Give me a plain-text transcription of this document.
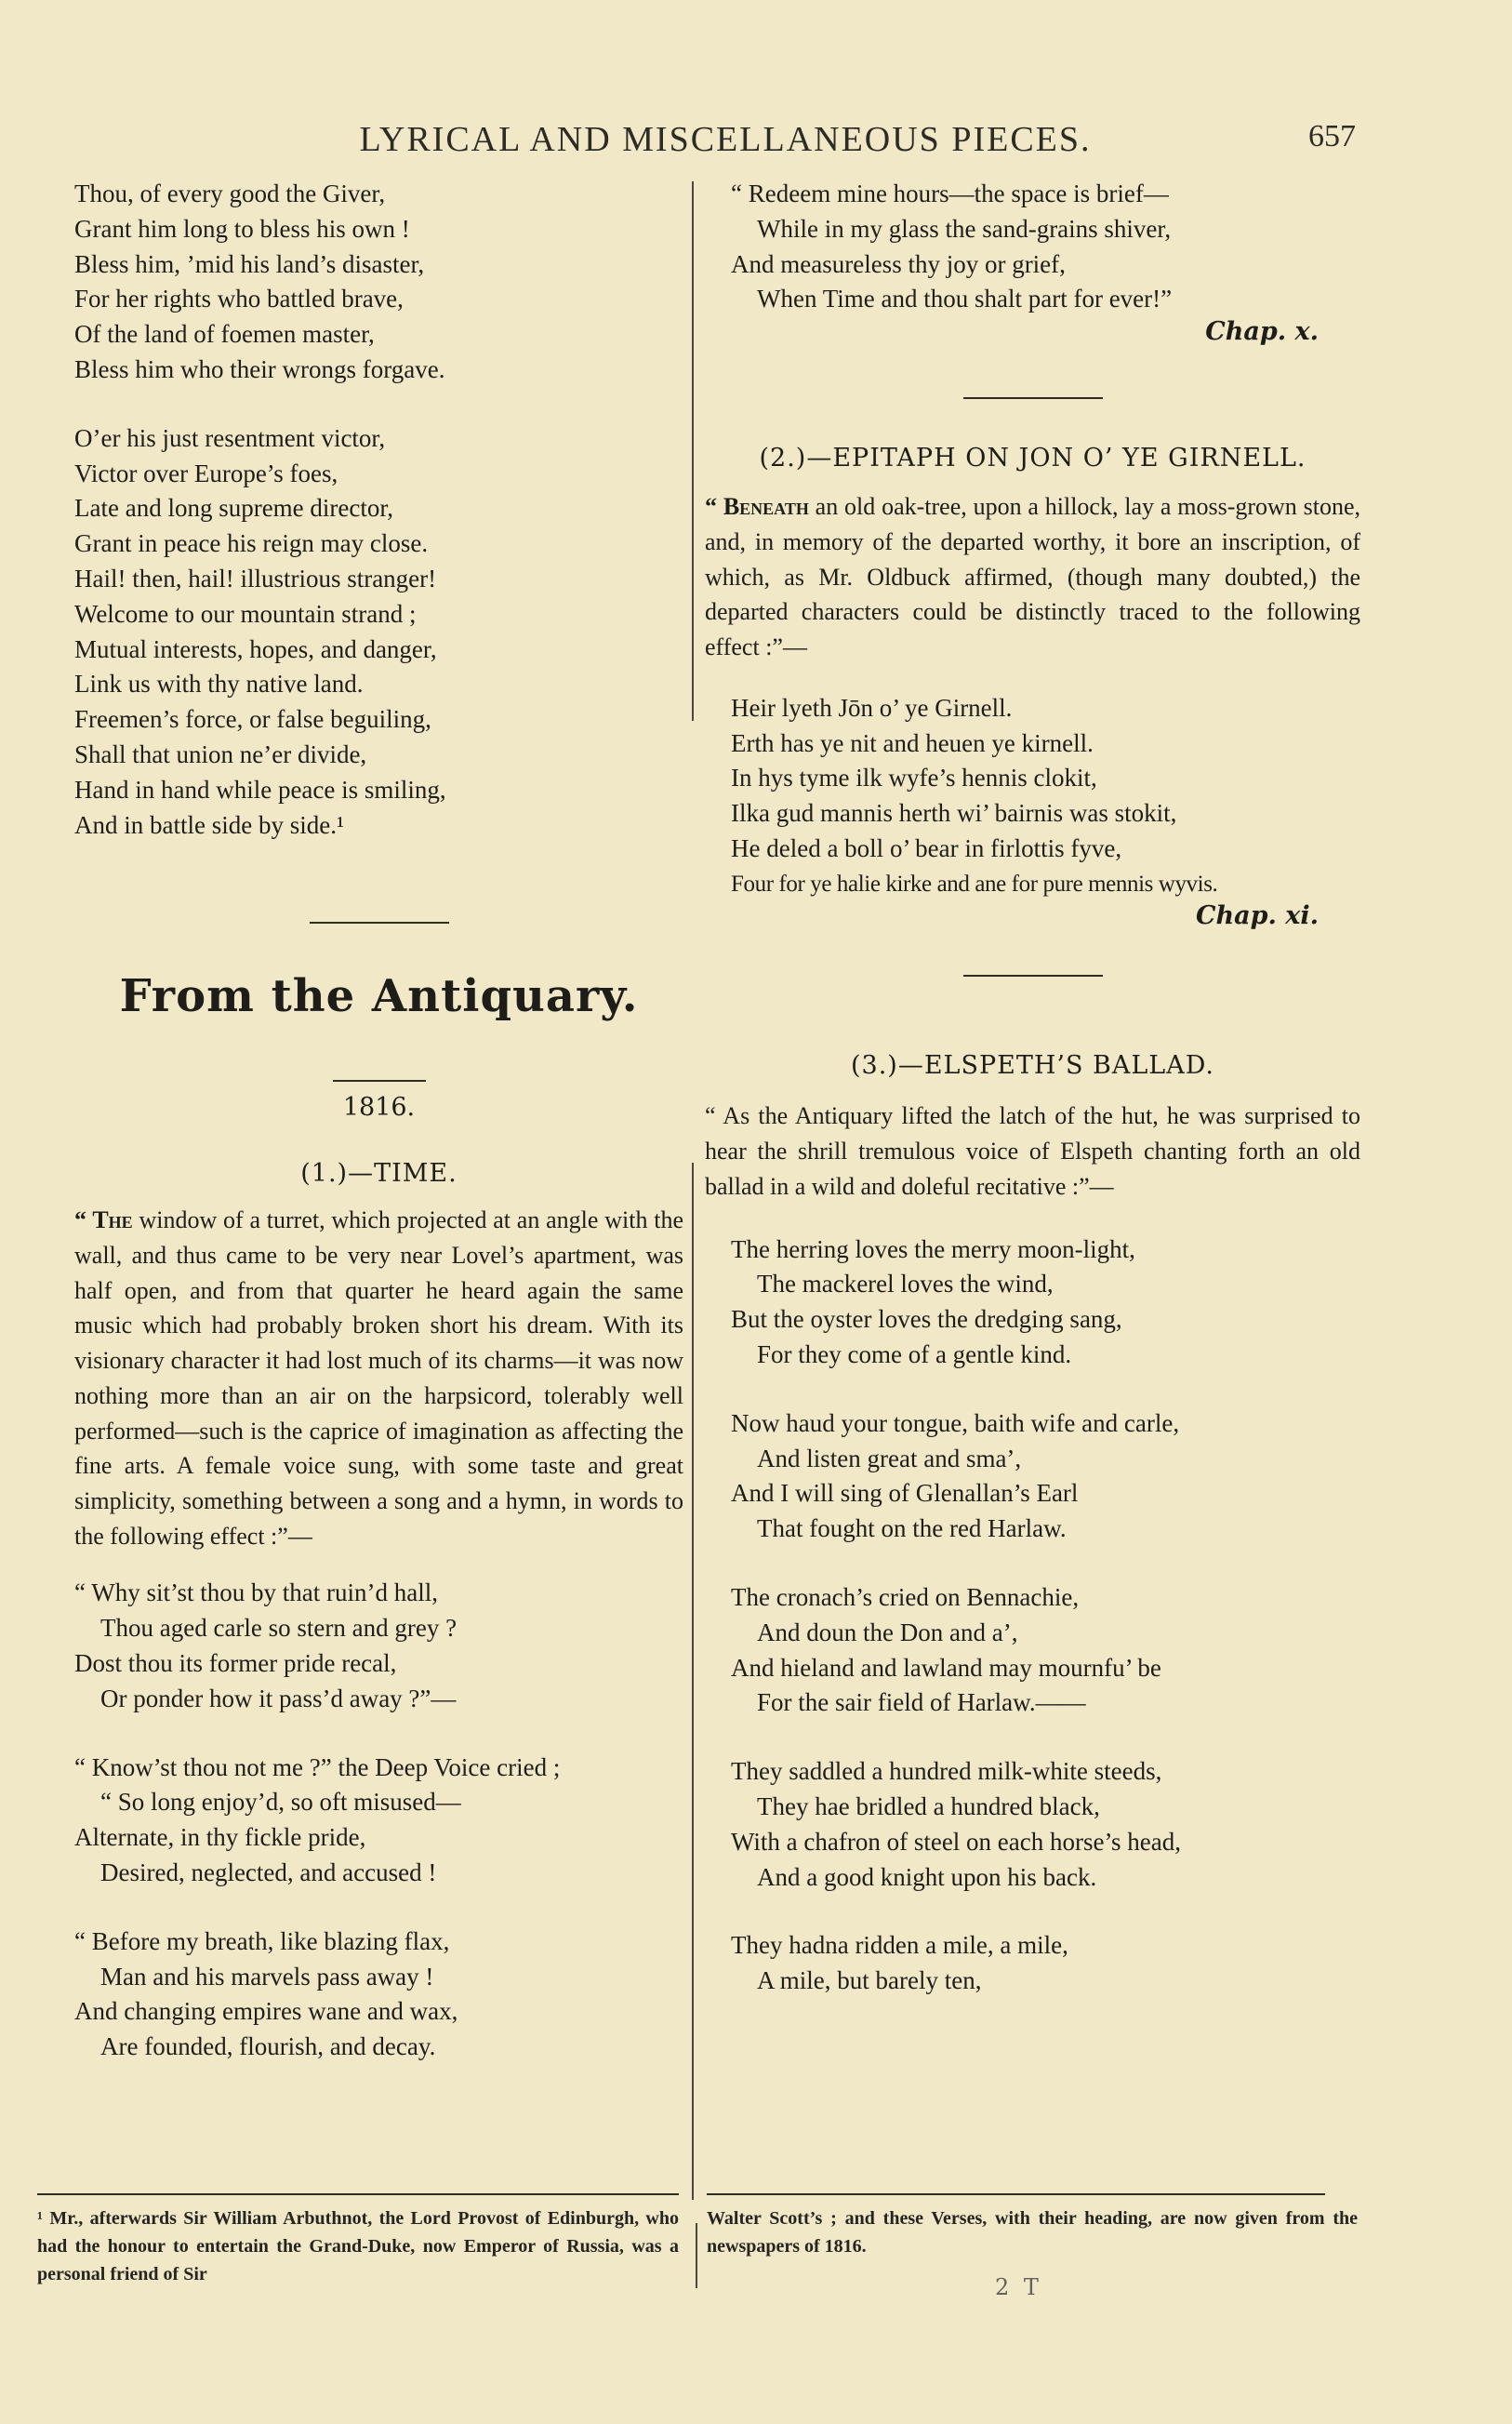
LYRICAL AND MISCELLANEOUS PIECES.	657

Thou, of every good the Giver,

Grant him long to bless his own !

Bless him, ’mid his land’s disaster,

For her rights who battled brave,

Of the land of foemen master,

Bless him who their wrongs forgave.

O’er his just resentment victor,

Victor over Europe’s foes,

Late and long supreme director,

Grant in peace his reign may close.

Hail! then, hail! illustrious stranger!

Welcome to our mountain strand ;

Mutual interests, hopes, and danger,

Link us with thy native land.

Freemen’s force, or false beguiling,

Shall that union ne’er divide,

Hand in hand while peace is smiling,

And in battle side by side.¹

From the Antiquary.
1816.
(1.)—TIME.
“ The window of a turret, which projected at an angle with the wall, and thus came to be very near Lovel’s apartment, was half open, and from that quarter he heard again the same music which had probably broken short his dream. With its visionary character it had lost much of its charms—it was now nothing more than an air on the harpsicord, tolerably well performed—such is the caprice of imagination as affecting the fine arts. A female voice sung, with some taste and great simplicity, something between a song and a hymn, in words to the following effect :”—

“ Why sit’st thou by that ruin’d hall,

Thou aged carle so stern and grey ?

Dost thou its former pride recal,

Or ponder how it pass’d away ?”—

“ Know’st thou not me ?” the Deep Voice cried ;

“ So long enjoy’d, so oft misused—

Alternate, in thy fickle pride,

Desired, neglected, and accused !

“ Before my breath, like blazing flax,

Man and his marvels pass away !

And changing empires wane and wax,

Are founded, flourish, and decay.

“ Redeem mine hours—the space is brief—

While in my glass the sand-grains shiver,

And measureless thy joy or grief,

When Time and thou shalt part for ever!”

Chap. x.
(2.)—EPITAPH ON JON O’ YE GIRNELL.
“ Beneath an old oak-tree, upon a hillock, lay a moss-grown stone, and, in memory of the departed worthy, it bore an inscription, of which, as Mr. Oldbuck affirmed, (though many doubted,) the departed characters could be distinctly traced to the following effect :”—

Heir lyeth Jōn o’ ye Girnell.

Erth has ye nit and heuen ye kirnell.

In hys tyme ilk wyfe’s hennis clokit,

Ilka gud mannis herth wi’ bairnis was stokit,

He deled a boll o’ bear in firlottis fyve,

Four for ye halie kirke and ane for pure mennis wyvis.

Chap. xi.
(3.)—ELSPETH’S BALLAD.
“ As the Antiquary lifted the latch of the hut, he was surprised to hear the shrill tremulous voice of Elspeth chanting forth an old ballad in a wild and doleful recitative :”—

The herring loves the merry moon-light,

The mackerel loves the wind,

But the oyster loves the dredging sang,

For they come of a gentle kind.

Now haud your tongue, baith wife and carle,

And listen great and sma’,

And I will sing of Glenallan’s Earl

That fought on the red Harlaw.

The cronach’s cried on Bennachie,

And doun the Don and a’,

And hieland and lawland may mournfu’ be

For the sair field of Harlaw.——

They saddled a hundred milk-white steeds,

They hae bridled a hundred black,

With a chafron of steel on each horse’s head,

And a good knight upon his back.

They hadna ridden a mile, a mile,

A mile, but barely ten,

¹ Mr., afterwards Sir William Arbuthnot, the Lord Provost of Edinburgh, who had the honour to entertain the Grand-Duke, now Emperor of Russia, was a personal friend of Sir
Walter Scott’s ; and these Verses, with their heading, are now given from the newspapers of 1816.
2 T
